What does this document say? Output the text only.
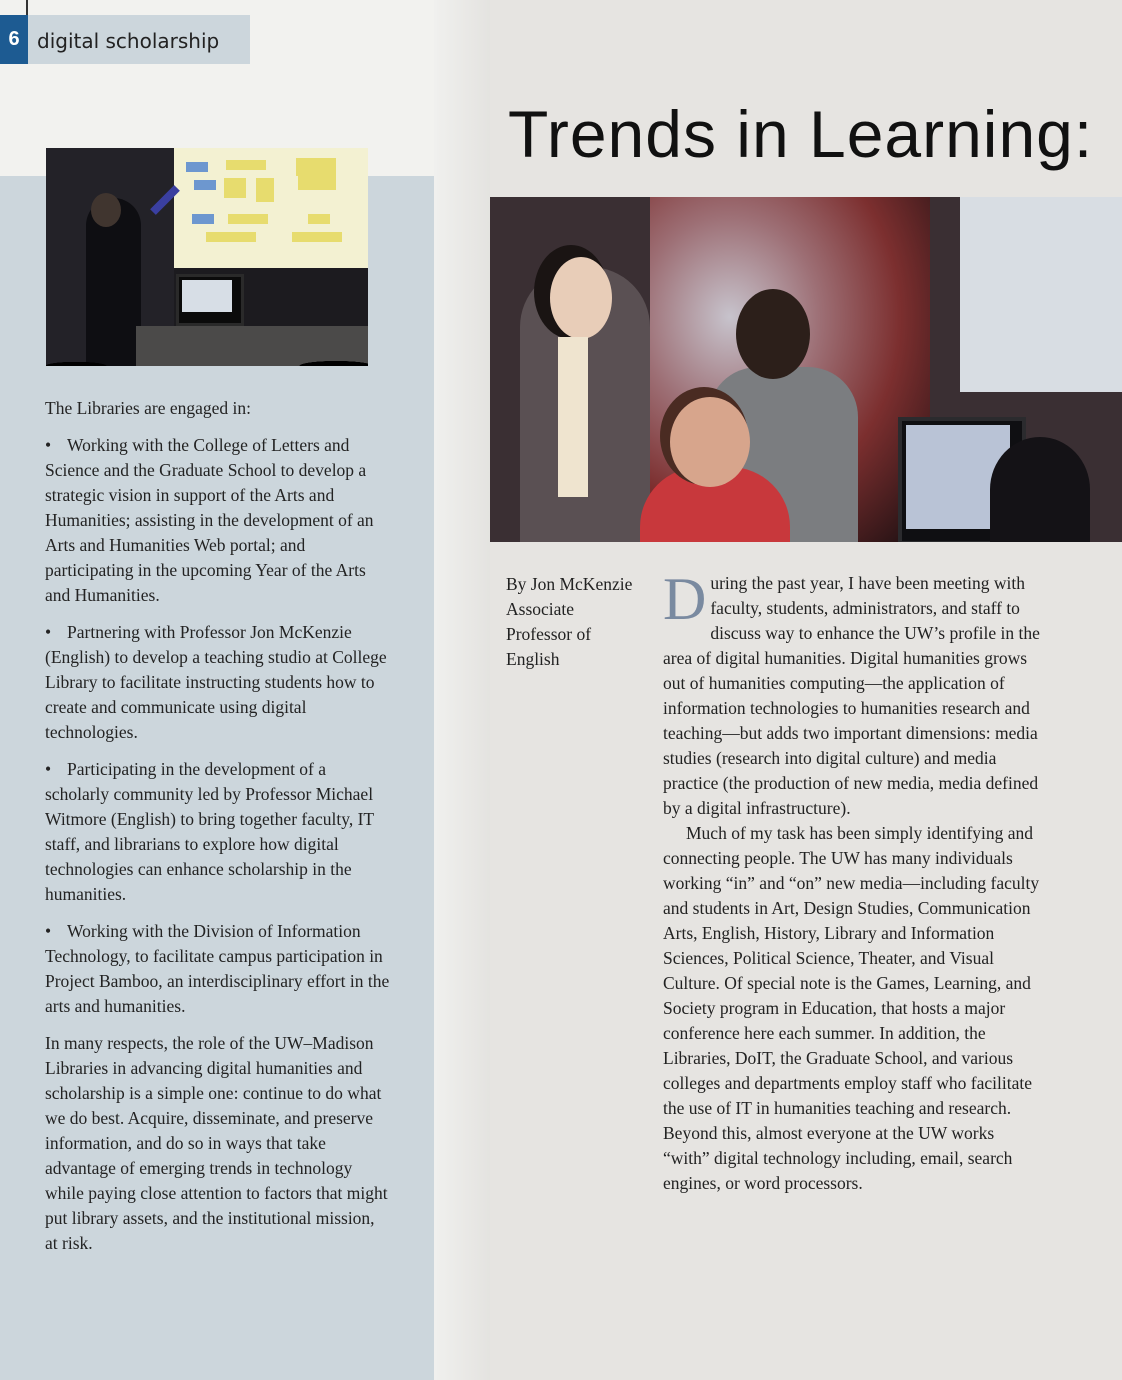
6 digital scholarship

The Libraries are engaged in:

• Working with the College of Letters and Science and the Graduate School to develop a strategic vision in support of the Arts and Humanities; assisting in the development of an Arts and Humanities Web portal; and participating in the upcoming Year of the Arts and Humanities.

• Partnering with Professor Jon McKenzie (English) to develop a teaching studio at College Library to facilitate instructing students how to create and communicate using digital technologies.

• Participating in the development of a scholarly community led by Professor Michael Witmore (English) to bring together faculty, IT staff, and librarians to explore how digital technologies can enhance scholarship in the humanities.

• Working with the Division of Information Technology, to facilitate campus participation in Project Bamboo, an interdisciplinary effort in the arts and humanities.

In many respects, the role of the UW–Madison Libraries in advancing digital humanities and scholarship is a simple one: continue to do what we do best. Acquire, disseminate, and preserve information, and do so in ways that take advantage of emerging trends in technology while paying close attention to factors that might put library assets, and the institutional mission, at risk.

Trends in Learning:
By Jon McKenzie
Associate
Professor of
English

During the past year, I have been meeting with faculty, students, administrators, and staff to discuss way to enhance the UW’s profile in the area of digital humanities. Digital humanities grows out of humanities computing—the application of information technologies to humanities research and teaching—but adds two important dimensions: media studies (research into digital culture) and media practice (the production of new media, media defined by a digital infrastructure).

Much of my task has been simply identifying and connecting people. The UW has many individuals working “in” and “on” new media—including faculty and students in Art, Design Studies, Communication Arts, English, History, Library and Information Sciences, Political Science, Theater, and Visual Culture. Of special note is the Games, Learning, and Society program in Education, that hosts a major conference here each summer. In addition, the Libraries, DoIT, the Graduate School, and various colleges and departments employ staff who facilitate the use of IT in humanities teaching and research. Beyond this, almost everyone at the UW works “with” digital technology including, email, search engines, or word processors.
